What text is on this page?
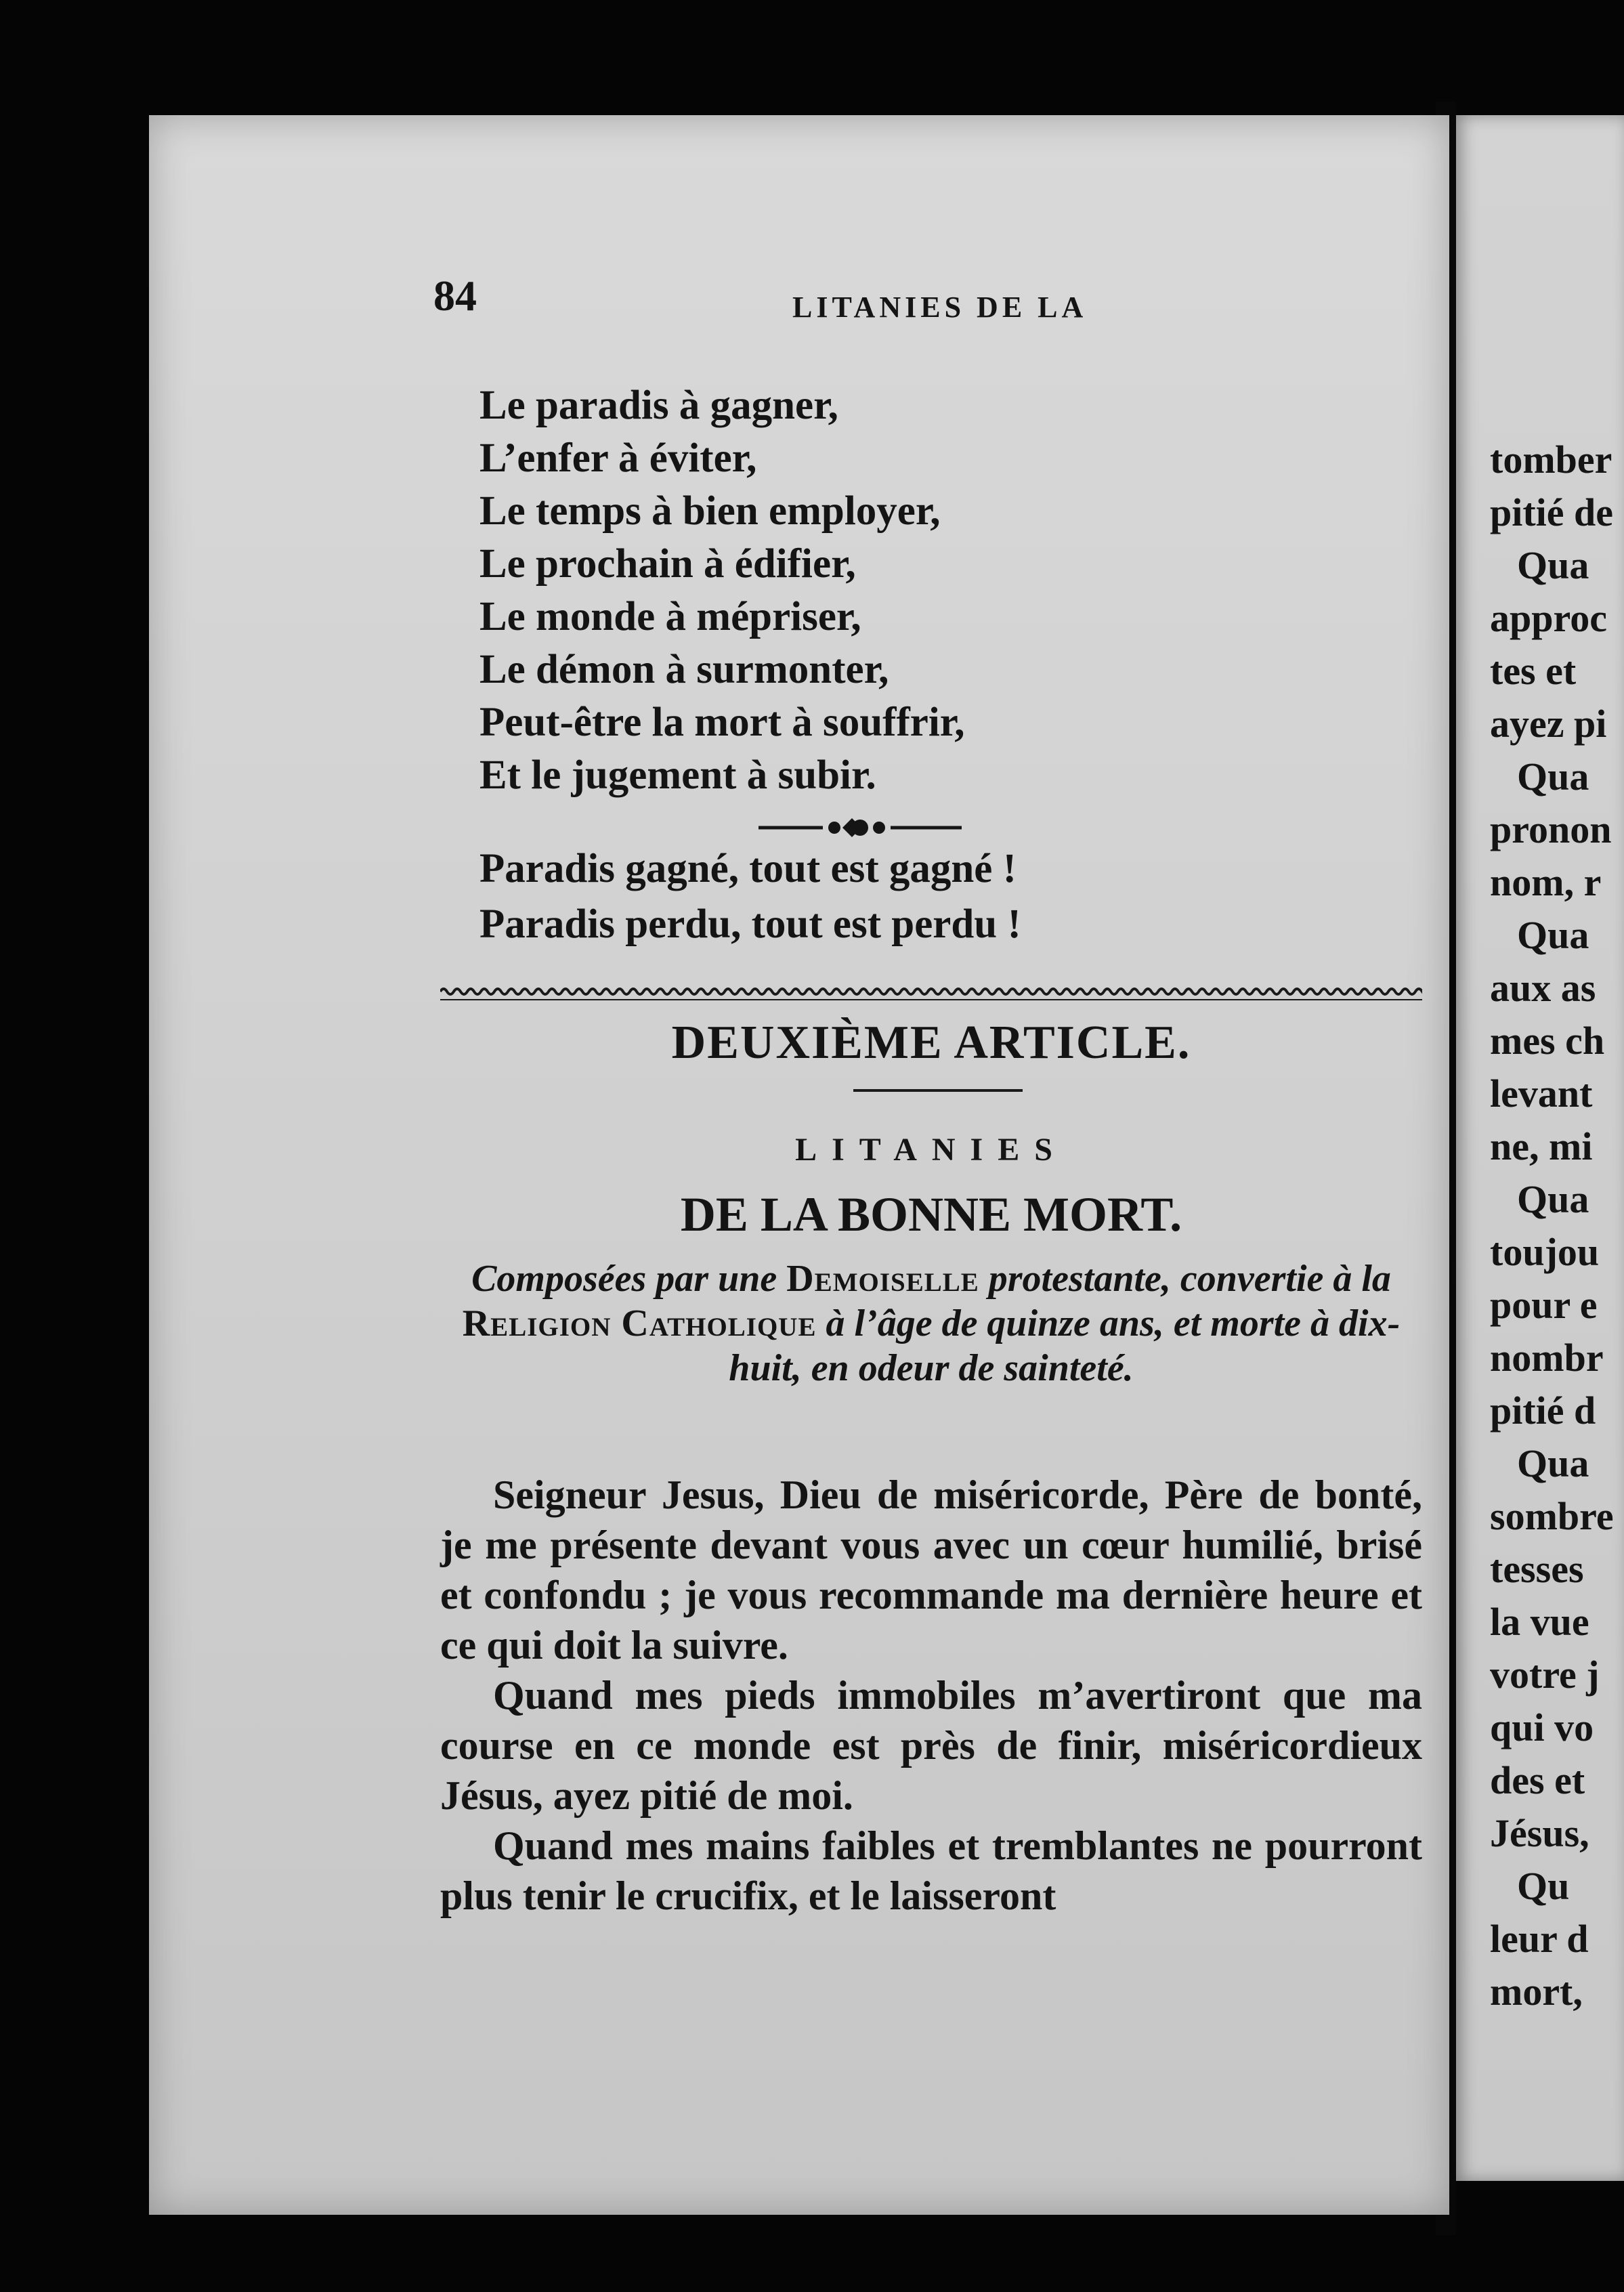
84	LITANIES DE LA
Le paradis à gagner,
L’enfer à éviter,
Le temps à bien employer,
Le prochain à édifier,
Le monde à mépriser,
Le démon à surmonter,
Peut-être la mort à souffrir,
Et le jugement à subir.
Paradis gagné, tout est gagné !
Paradis perdu, tout est perdu !
DEUXIÈME ARTICLE.
LITANIES
DE LA BONNE MORT.
Composées par une Demoiselle protestante, convertie à la Religion Catholique à l’âge de quinze ans, et morte à dix-huit, en odeur de sainteté.

Seigneur Jesus, Dieu de miséricorde, Père de bonté, je me présente devant vous avec un cœur humilié, brisé et confondu ; je vous recommande ma dernière heure et ce qui doit la suivre.

Quand mes pieds immobiles m’avertiront que ma course en ce monde est près de finir, miséricordieux Jésus, ayez pitié de moi.

Quand mes mains faibles et tremblantes ne pourront plus tenir le crucifix, et le laisseront

tomber
pitié de
Qua
approc
tes et
ayez pi
Qua
pronon
nom, r
Qua
aux as
mes ch
levant
ne, mi
Qua
toujou
pour e
nombr
pitié d
Qua
sombre
tesses
la vue
votre j
qui vo
des et
Jésus,
Qu
leur d
mort,
